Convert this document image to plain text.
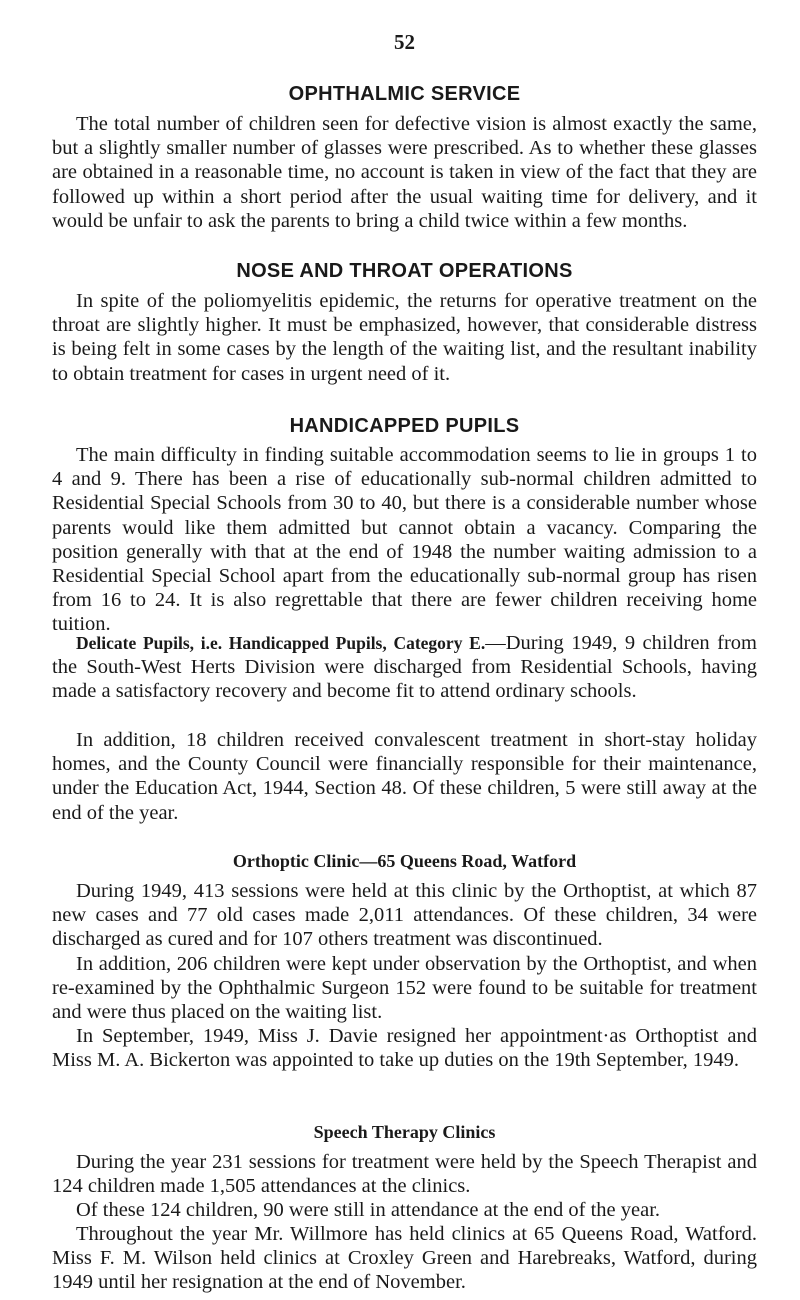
52
OPHTHALMIC SERVICE

The total number of children seen for defective vision is almost exactly the same, but a slightly smaller number of glasses were prescribed. As to whether these glasses are obtained in a reasonable time, no account is taken in view of the fact that they are followed up within a short period after the usual waiting time for delivery, and it would be unfair to ask the parents to bring a child twice within a few months.

NOSE AND THROAT OPERATIONS

In spite of the poliomyelitis epidemic, the returns for operative treatment on the throat are slightly higher. It must be emphasized, however, that considerable distress is being felt in some cases by the length of the waiting list, and the resultant inability to obtain treatment for cases in urgent need of it.

HANDICAPPED PUPILS

The main difficulty in finding suitable accommodation seems to lie in groups 1 to 4 and 9. There has been a rise of educationally sub-normal children admitted to Residential Special Schools from 30 to 40, but there is a considerable number whose parents would like them admitted but cannot obtain a vacancy. Comparing the position generally with that at the end of 1948 the number waiting admission to a Residential Special School apart from the educationally sub-normal group has risen from 16 to 24. It is also regrettable that there are fewer children receiving home tuition.

Delicate Pupils, i.e. Handicapped Pupils, Category E.—During 1949, 9 children from the South-West Herts Division were discharged from Residential Schools, having made a satisfactory recovery and become fit to attend ordinary schools.

In addition, 18 children received convalescent treatment in short-stay holiday homes, and the County Council were financially responsible for their maintenance, under the Education Act, 1944, Section 48. Of these children, 5 were still away at the end of the year.

Orthoptic Clinic—65 Queens Road, Watford

During 1949, 413 sessions were held at this clinic by the Orthoptist, at which 87 new cases and 77 old cases made 2,011 attendances. Of these children, 34 were discharged as cured and for 107 others treatment was discontinued.

In addition, 206 children were kept under observation by the Orthoptist, and when re-examined by the Ophthalmic Surgeon 152 were found to be suitable for treatment and were thus placed on the waiting list.

In September, 1949, Miss J. Davie resigned her appointment·as Orthoptist and Miss M. A. Bickerton was appointed to take up duties on the 19th September, 1949.

Speech Therapy Clinics

During the year 231 sessions for treatment were held by the Speech Therapist and 124 children made 1,505 attendances at the clinics.

Of these 124 children, 90 were still in attendance at the end of the year.

Throughout the year Mr. Willmore has held clinics at 65 Queens Road, Watford. Miss F. M. Wilson held clinics at Croxley Green and Harebreaks, Watford, during 1949 until her resignation at the end of November.
